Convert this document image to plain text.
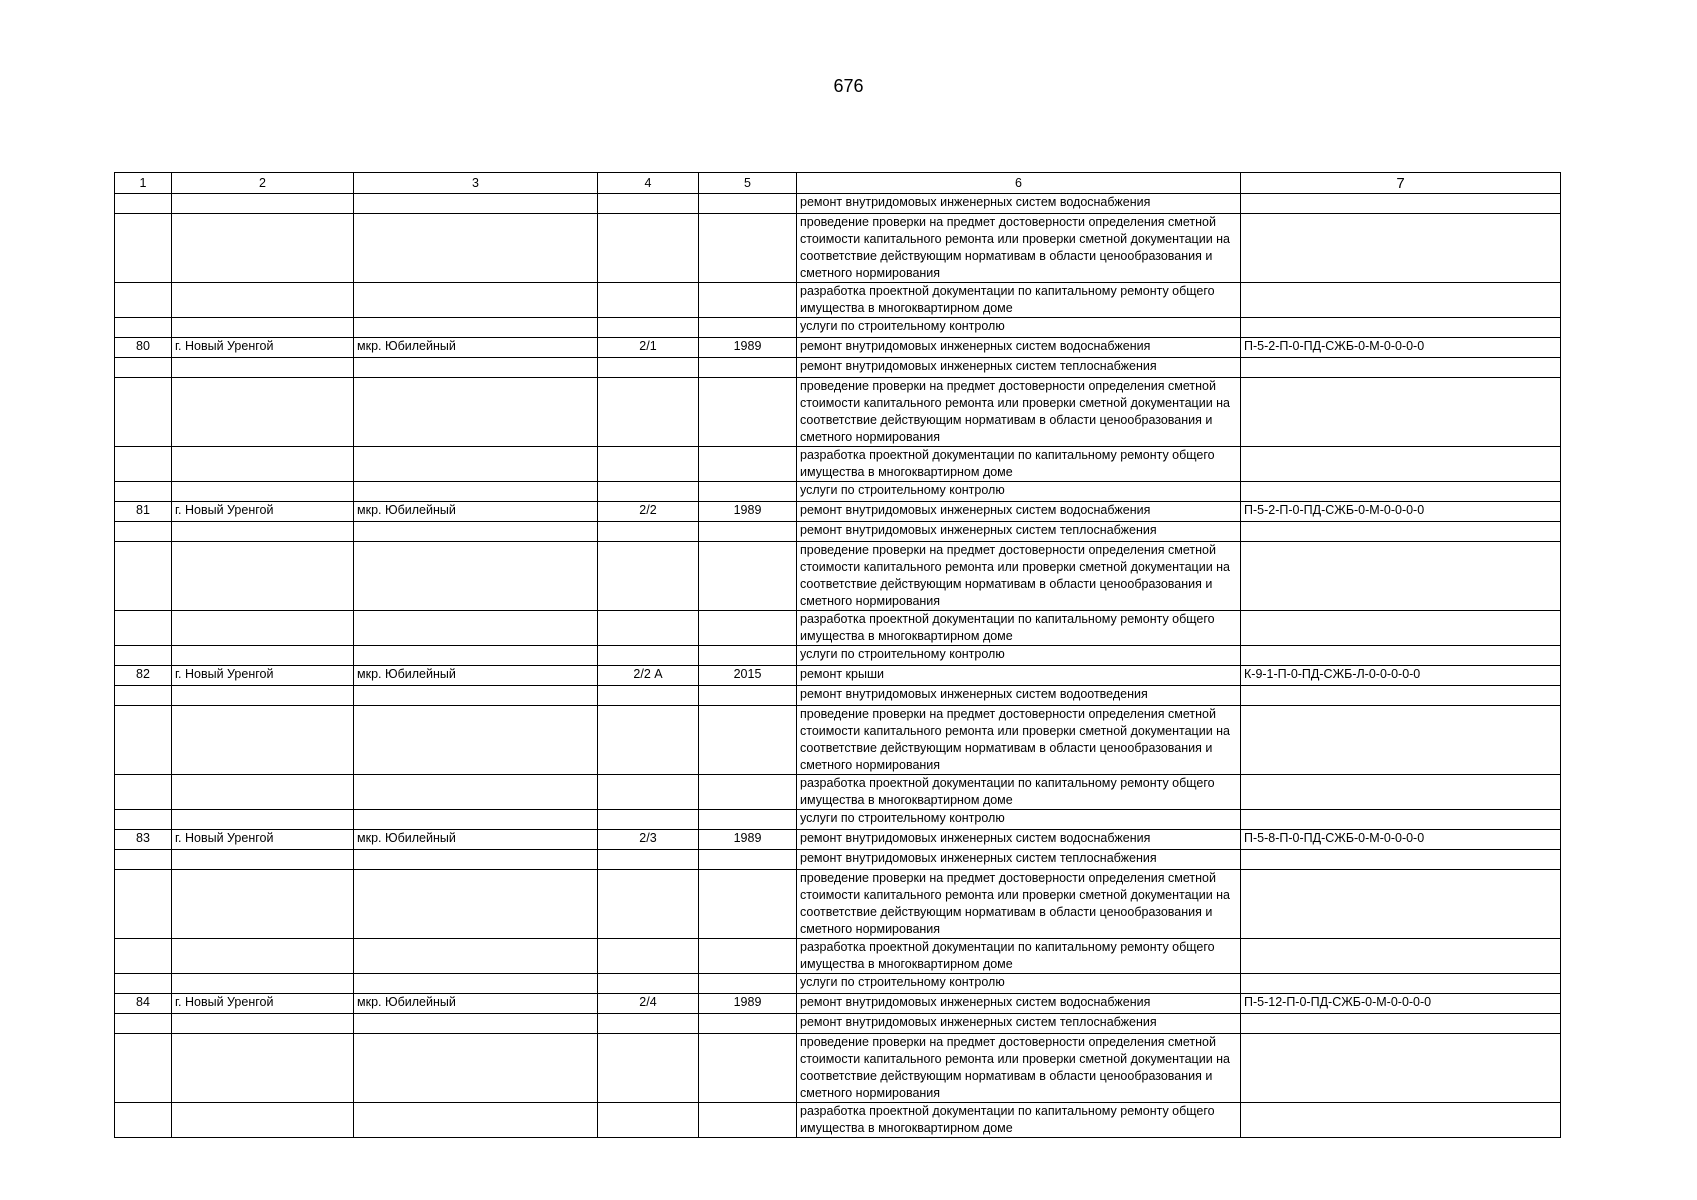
676
1	2	3	4	5	6	7
					ремонт внутридомовых инженерных систем водоснабжения	
					проведение проверки на предмет достоверности определения сметной стоимости капитального ремонта или проверки сметной документации на соответствие действующим нормативам в области ценообразования и сметного нормирования	
					разработка проектной документации по капитальному ремонту общего имущества в многоквартирном доме	
					услуги по строительному контролю	
80	г. Новый Уренгой	мкр. Юбилейный	2/1	1989	ремонт внутридомовых инженерных систем водоснабжения	П-5-2-П-0-ПД-СЖБ-0-М-0-0-0-0
					ремонт внутридомовых инженерных систем теплоснабжения	
					проведение проверки на предмет достоверности определения сметной стоимости капитального ремонта или проверки сметной документации на соответствие действующим нормативам в области ценообразования и сметного нормирования	
					разработка проектной документации по капитальному ремонту общего имущества в многоквартирном доме	
					услуги по строительному контролю	
81	г. Новый Уренгой	мкр. Юбилейный	2/2	1989	ремонт внутридомовых инженерных систем водоснабжения	П-5-2-П-0-ПД-СЖБ-0-М-0-0-0-0
					ремонт внутридомовых инженерных систем теплоснабжения	
					проведение проверки на предмет достоверности определения сметной стоимости капитального ремонта или проверки сметной документации на соответствие действующим нормативам в области ценообразования и сметного нормирования	
					разработка проектной документации по капитальному ремонту общего имущества в многоквартирном доме	
					услуги по строительному контролю	
82	г. Новый Уренгой	мкр. Юбилейный	2/2 А	2015	ремонт крыши	К-9-1-П-0-ПД-СЖБ-Л-0-0-0-0-0
					ремонт внутридомовых инженерных систем водоотведения	
					проведение проверки на предмет достоверности определения сметной стоимости капитального ремонта или проверки сметной документации на соответствие действующим нормативам в области ценообразования и сметного нормирования	
					разработка проектной документации по капитальному ремонту общего имущества в многоквартирном доме	
					услуги по строительному контролю	
83	г. Новый Уренгой	мкр. Юбилейный	2/3	1989	ремонт внутридомовых инженерных систем водоснабжения	П-5-8-П-0-ПД-СЖБ-0-М-0-0-0-0
					ремонт внутридомовых инженерных систем теплоснабжения	
					проведение проверки на предмет достоверности определения сметной стоимости капитального ремонта или проверки сметной документации на соответствие действующим нормативам в области ценообразования и сметного нормирования	
					разработка проектной документации по капитальному ремонту общего имущества в многоквартирном доме	
					услуги по строительному контролю	
84	г. Новый Уренгой	мкр. Юбилейный	2/4	1989	ремонт внутридомовых инженерных систем водоснабжения	П-5-12-П-0-ПД-СЖБ-0-М-0-0-0-0
					ремонт внутридомовых инженерных систем теплоснабжения	
					проведение проверки на предмет достоверности определения сметной стоимости капитального ремонта или проверки сметной документации на соответствие действующим нормативам в области ценообразования и сметного нормирования	
					разработка проектной документации по капитальному ремонту общего имущества в многоквартирном доме	
